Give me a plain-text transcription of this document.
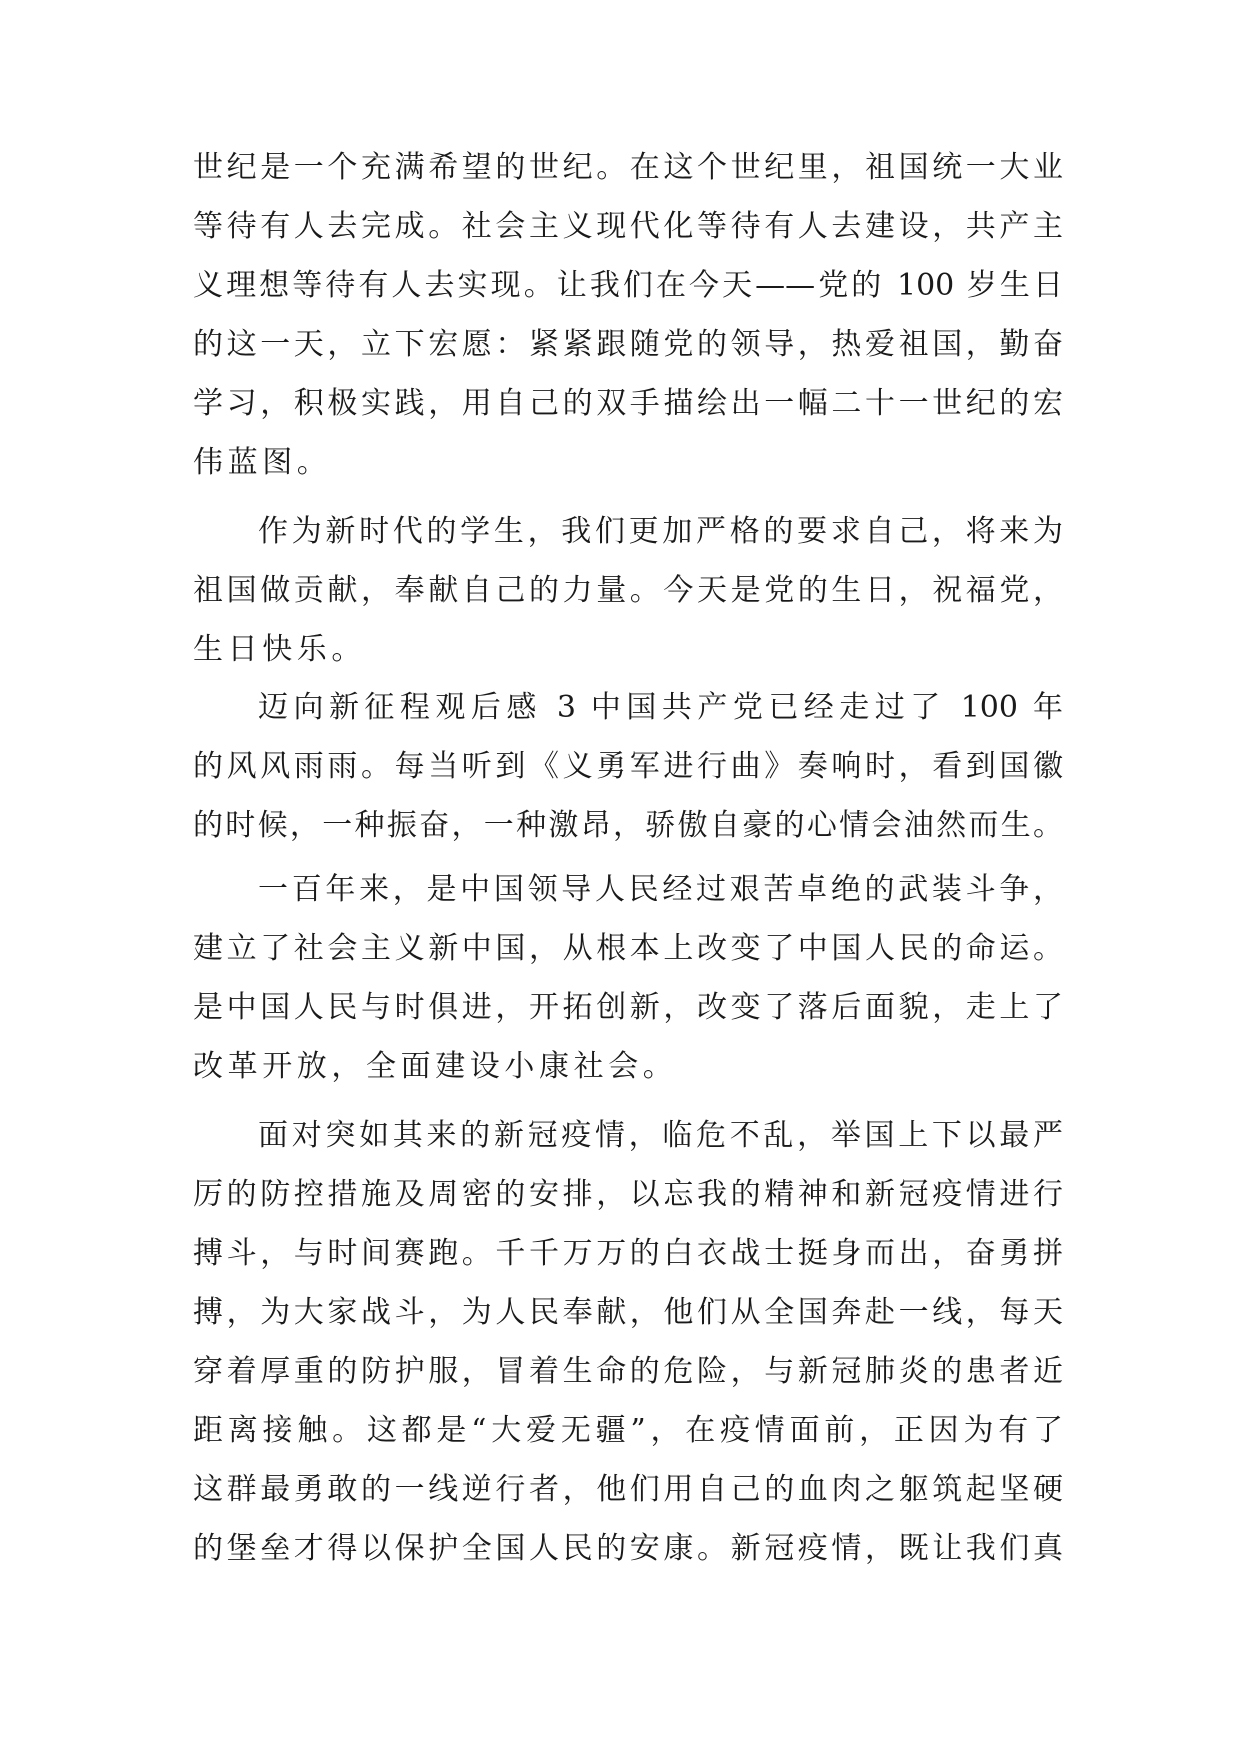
世纪是一个充满希望的世纪。在这个世纪里，祖国统一大业
等待有人去完成。社会主义现代化等待有人去建设，共产主
义理想等待有人去实现。让我们在今天——党的 100 岁生日
的这一天，立下宏愿：紧紧跟随党的领导，热爱祖国，勤奋
学习，积极实践，用自己的双手描绘出一幅二十一世纪的宏
伟蓝图。
作为新时代的学生，我们更加严格的要求自己，将来为
祖国做贡献，奉献自己的力量。今天是党的生日，祝福党，
生日快乐。
迈向新征程观后感 3 中国共产党已经走过了 100 年
的风风雨雨。每当听到《义勇军进行曲》奏响时，看到国徽
的时候，一种振奋，一种激昂，骄傲自豪的心情会油然而生。
一百年来，是中国领导人民经过艰苦卓绝的武装斗争，
建立了社会主义新中国，从根本上改变了中国人民的命运。
是中国人民与时俱进，开拓创新，改变了落后面貌，走上了
改革开放，全面建设小康社会。
面对突如其来的新冠疫情，临危不乱，举国上下以最严
厉的防控措施及周密的安排，以忘我的精神和新冠疫情进行
搏斗，与时间赛跑。千千万万的白衣战士挺身而出，奋勇拼
搏，为大家战斗，为人民奉献，他们从全国奔赴一线，每天
穿着厚重的防护服，冒着生命的危险，与新冠肺炎的患者近
距离接触。这都是“大爱无疆”，在疫情面前，正因为有了
这群最勇敢的一线逆行者，他们用自己的血肉之躯筑起坚硬
的堡垒才得以保护全国人民的安康。新冠疫情，既让我们真
